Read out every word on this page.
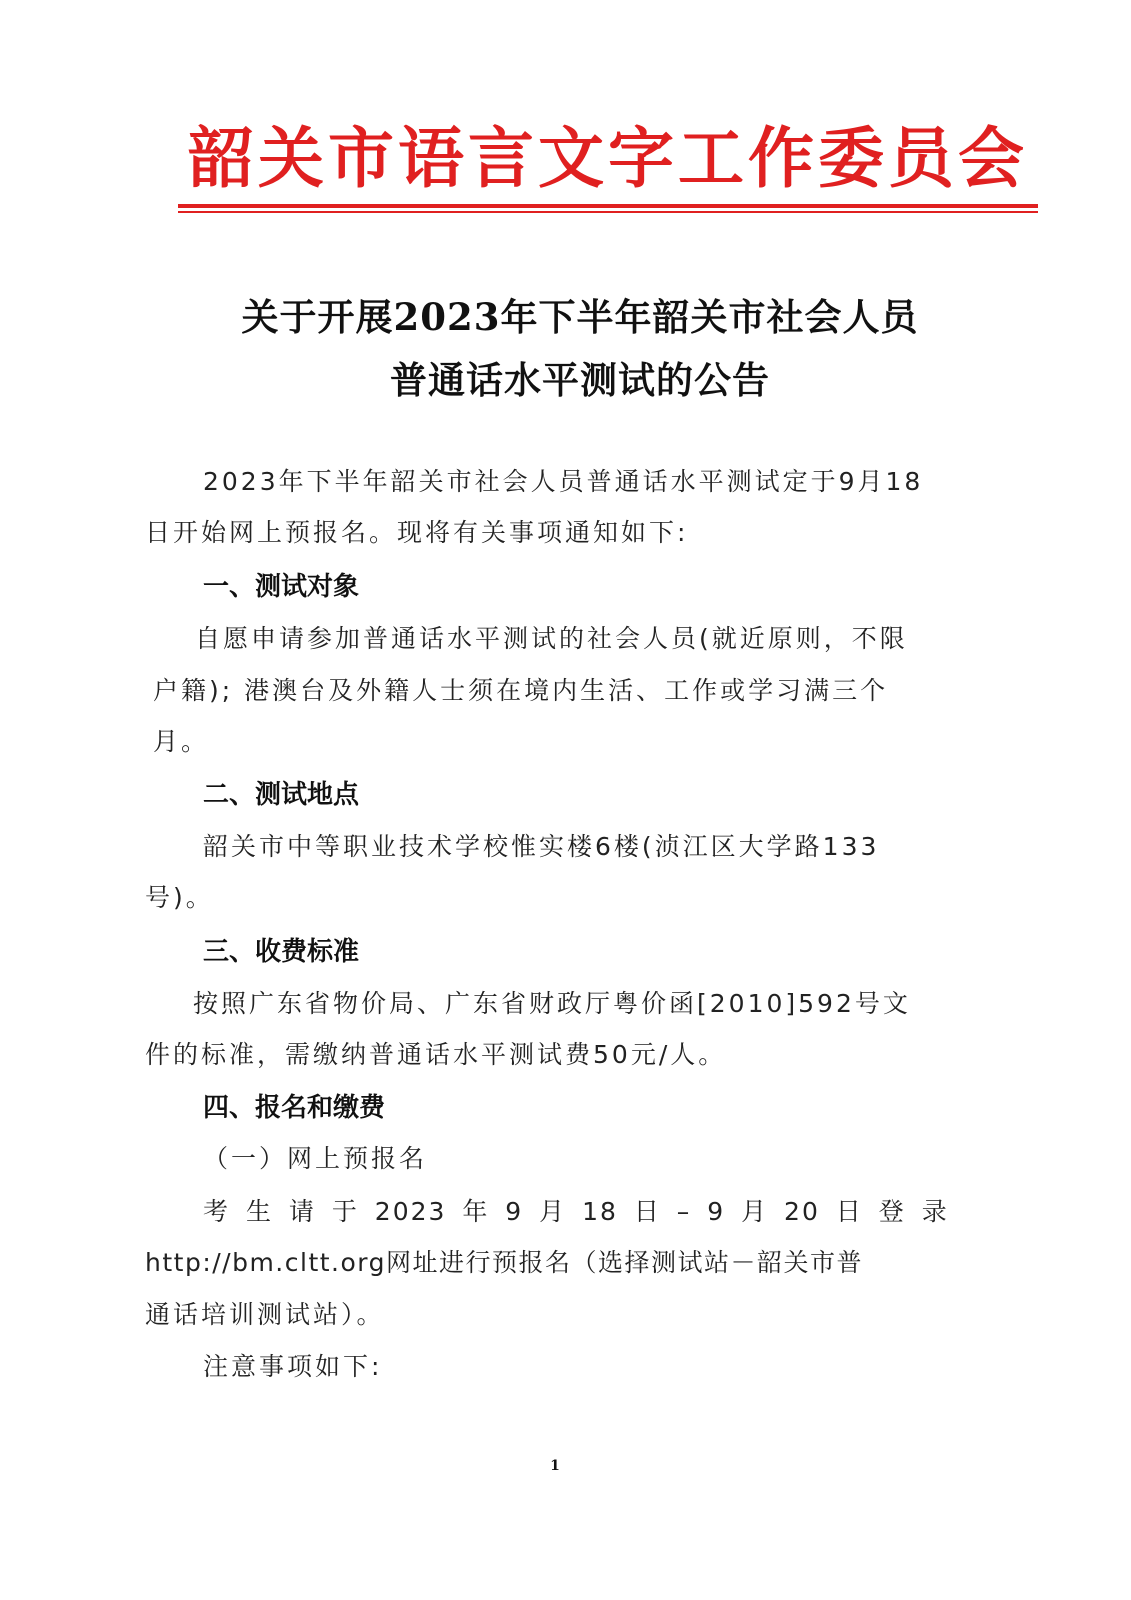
韶关市语言文字工作委员会
关于开展2023年下半年韶关市社会人员
普通话水平测试的公告
2023年下半年韶关市社会人员普通话水平测试定于9月18
日开始网上预报名。现将有关事项通知如下:
一、测试对象
自愿申请参加普通话水平测试的社会人员(就近原则，不限
户籍); 港澳台及外籍人士须在境内生活、工作或学习满三个
月。
二、测试地点
韶关市中等职业技术学校惟实楼6楼(浈江区大学路133
号)。
三、收费标准
按照广东省物价局、广东省财政厅粤价函[2010]592号文
件的标准，需缴纳普通话水平测试费50元/人。
四、报名和缴费
（一）网上预报名
考 生 请 于 2023 年 9 月 18 日 – 9 月 20 日 登 录
http://bm.cltt.org网址进行预报名（选择测试站－韶关市普
通话培训测试站）。
注意事项如下:
1
